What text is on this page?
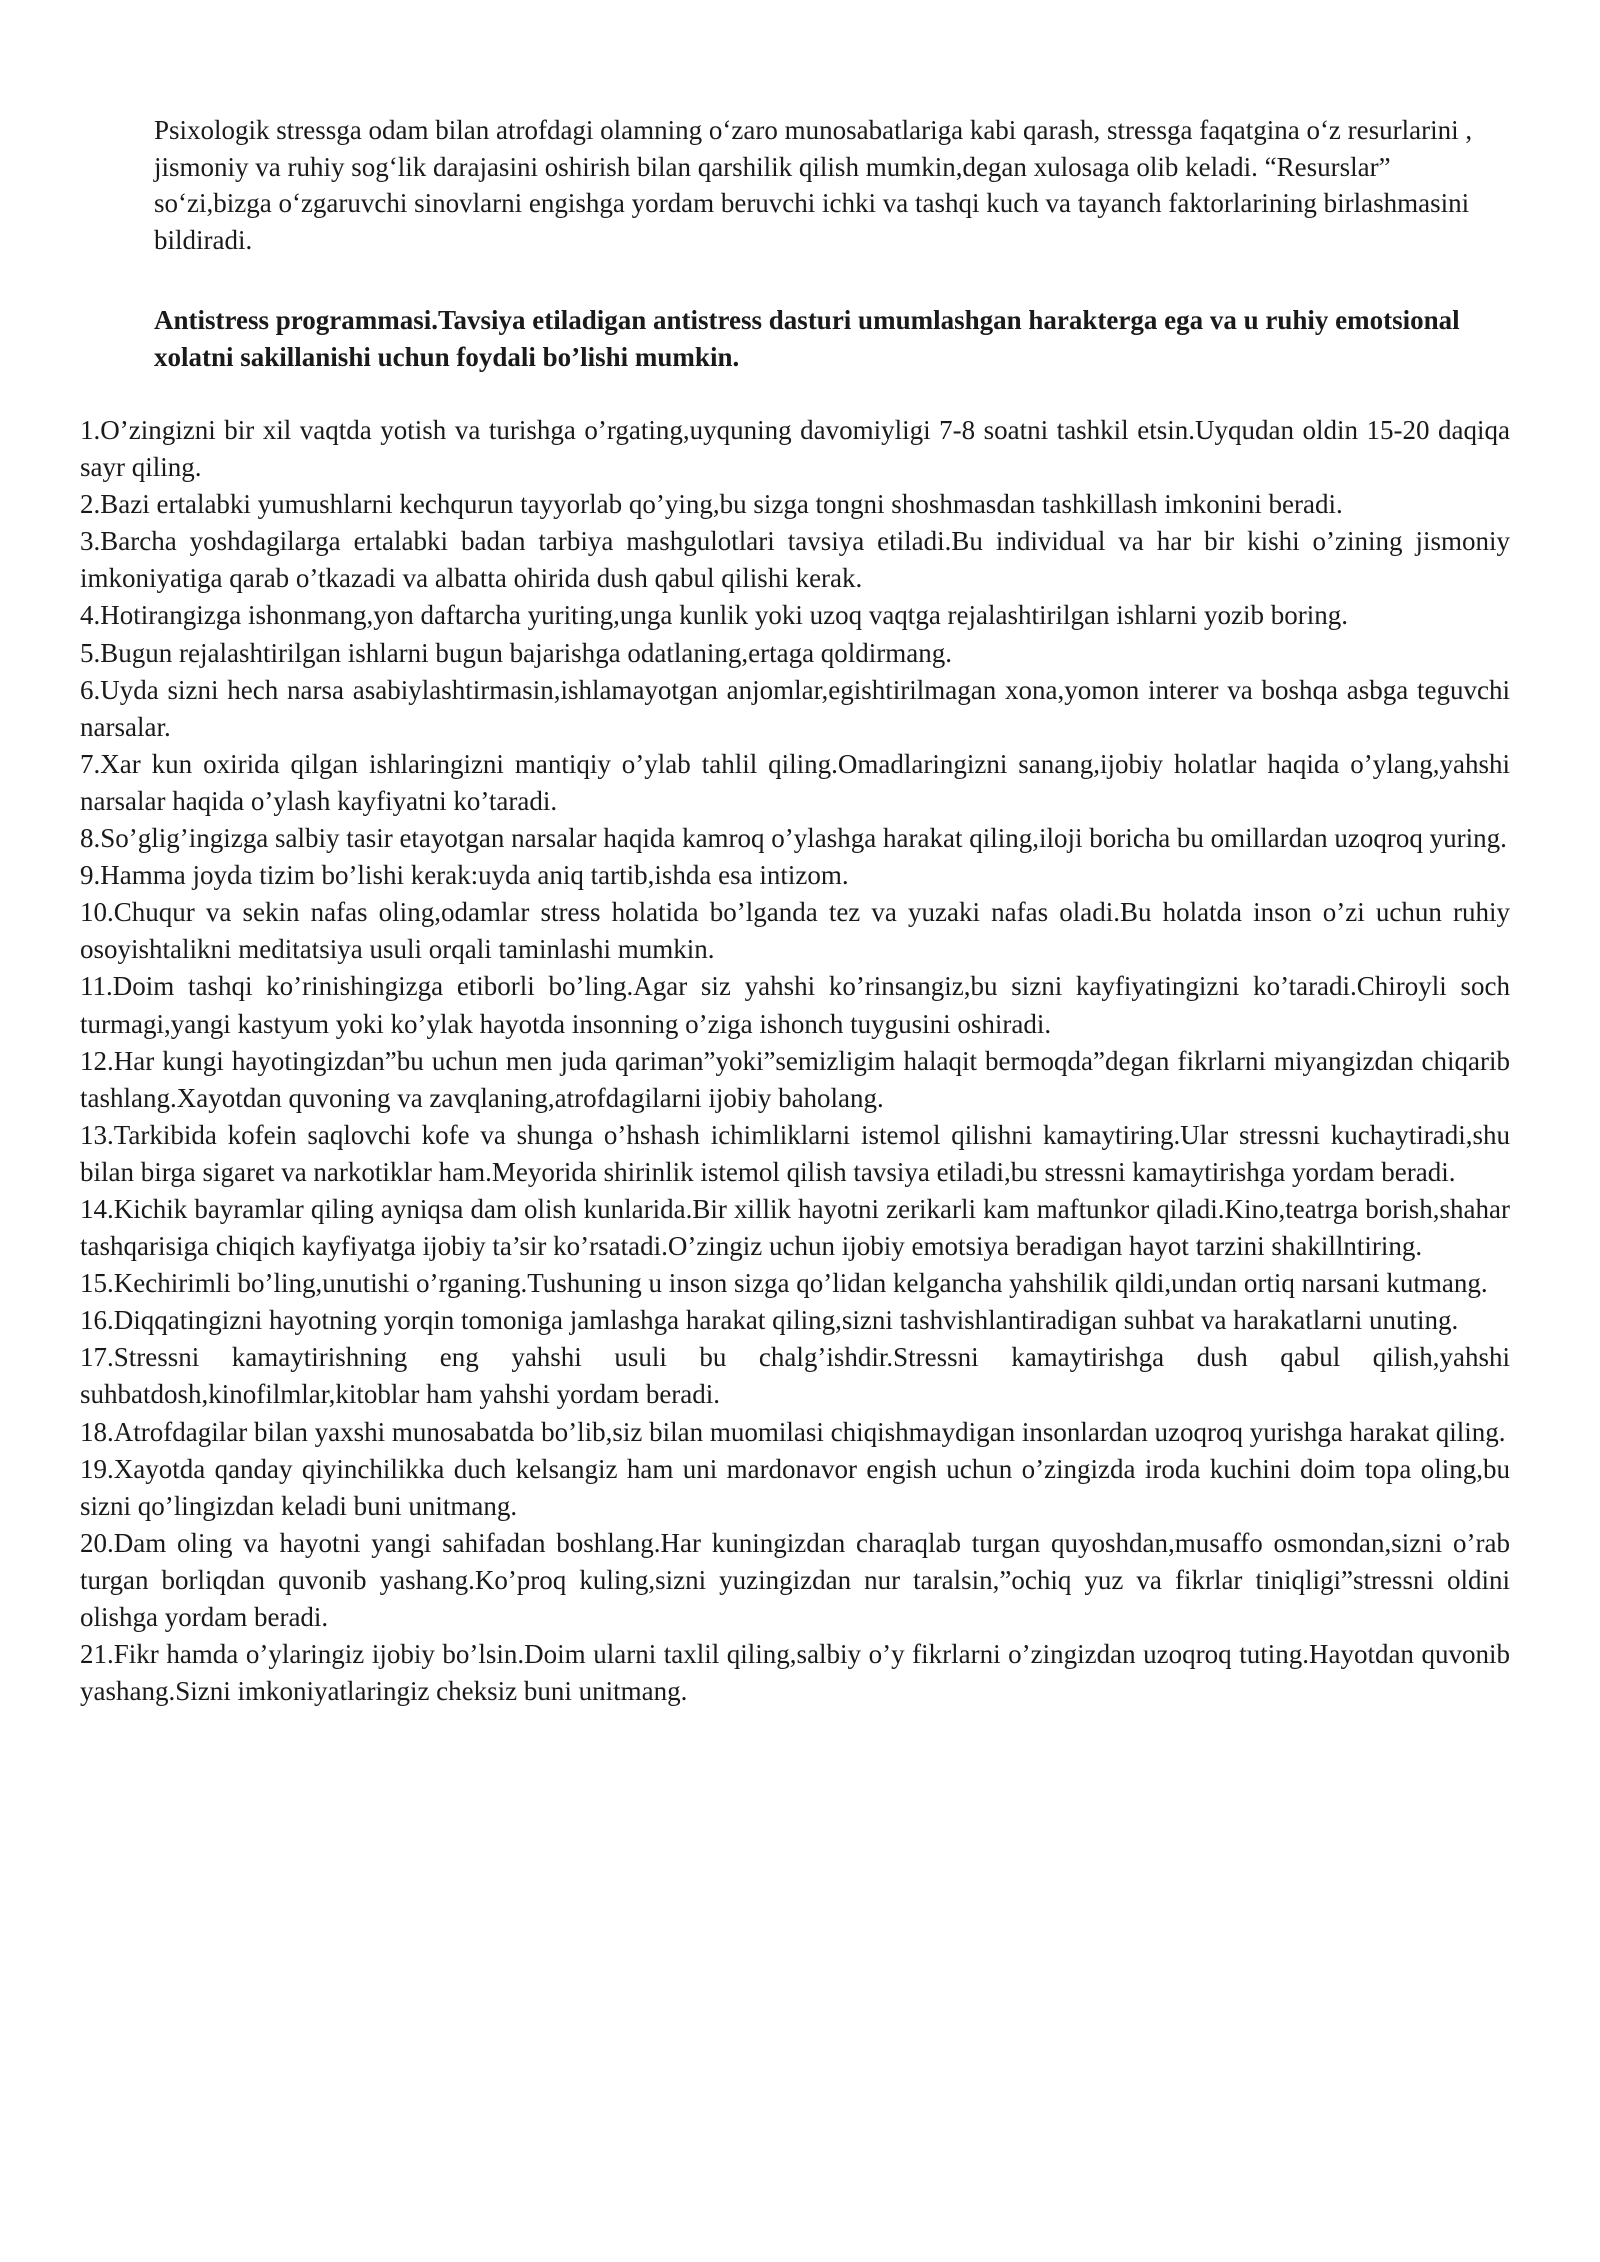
Psixologik stressga odam bilan atrofdagi olamning o‘zaro munosabatlariga kabi qarash, stressga faqatgina o‘z resurlarini , jismoniy va ruhiy sog‘lik darajasini oshirish bilan qarshilik qilish mumkin,degan xulosaga olib keladi. “Resurslar” so‘zi,bizga o‘zgaruvchi sinovlarni engishga yordam beruvchi ichki va tashqi kuch va tayanch faktorlarining birlashmasini bildiradi.

Antistress programmasi.Tavsiya etiladigan antistress dasturi umumlashgan harakterga ega va u ruhiy emotsional xolatni sakillanishi uchun foydali bo’lishi mumkin.

1.O’zingizni bir xil vaqtda yotish va turishga o’rgating,uyquning davomiyligi 7-8 soatni tashkil etsin.Uyqudan oldin 15-20 daqiqa sayr qiling.

2.Bazi ertalabki yumushlarni kechqurun tayyorlab qo’ying,bu sizga tongni shoshmasdan tashkillash imkonini beradi.

3.Barcha yoshdagilarga ertalabki badan tarbiya mashgulotlari tavsiya etiladi.Bu individual va har bir kishi o’zining jismoniy imkoniyatiga qarab o’tkazadi va albatta ohirida dush qabul qilishi kerak.

4.Hotirangizga ishonmang,yon daftarcha yuriting,unga kunlik yoki uzoq vaqtga rejalashtirilgan ishlarni yozib boring.

5.Bugun rejalashtirilgan ishlarni bugun bajarishga odatlaning,ertaga qoldirmang.

6.Uyda sizni hech narsa asabiylashtirmasin,ishlamayotgan anjomlar,egishtirilmagan xona,yomon interer va boshqa asbga teguvchi narsalar.

7.Xar kun oxirida qilgan ishlaringizni mantiqiy o’ylab tahlil qiling.Omadlaringizni sanang,ijobiy holatlar haqida o’ylang,yahshi narsalar haqida o’ylash kayfiyatni ko’taradi.

8.So’glig’ingizga salbiy tasir etayotgan narsalar haqida kamroq o’ylashga harakat qiling,iloji boricha bu omillardan uzoqroq yuring.

9.Hamma joyda tizim bo’lishi kerak:uyda aniq tartib,ishda esa intizom.

10.Chuqur va sekin nafas oling,odamlar stress holatida bo’lganda tez va yuzaki nafas oladi.Bu holatda inson o’zi uchun ruhiy osoyishtalikni meditatsiya usuli orqali taminlashi mumkin.

11.Doim tashqi ko’rinishingizga etiborli bo’ling.Agar siz yahshi ko’rinsangiz,bu sizni kayfiyatingizni ko’taradi.Chiroyli soch turmagi,yangi kastyum yoki ko’ylak hayotda insonning o’ziga ishonch tuygusini oshiradi.

12.Har kungi hayotingizdan”bu uchun men juda qariman”yoki”semizligim halaqit bermoqda”degan fikrlarni miyangizdan chiqarib tashlang.Xayotdan quvoning va zavqlaning,atrofdagilarni ijobiy baholang.

13.Tarkibida kofein saqlovchi kofe va shunga o’hshash ichimliklarni istemol qilishni kamaytiring.Ular stressni kuchaytiradi,shu bilan birga sigaret va narkotiklar ham.Meyorida shirinlik istemol qilish tavsiya etiladi,bu stressni kamaytirishga yordam beradi.

14.Kichik bayramlar qiling ayniqsa dam olish kunlarida.Bir xillik hayotni zerikarli kam maftunkor qiladi.Kino,teatrga borish,shahar tashqarisiga chiqich kayfiyatga ijobiy ta’sir ko’rsatadi.O’zingiz uchun ijobiy emotsiya beradigan hayot tarzini shakillntiring.

15.Kechirimli bo’ling,unutishi o’rganing.Tushuning u inson sizga qo’lidan kelgancha yahshilik qildi,undan ortiq narsani kutmang.

16.Diqqatingizni hayotning yorqin tomoniga jamlashga harakat qiling,sizni tashvishlantiradigan suhbat va harakatlarni unuting.

17.Stressni kamaytirishning eng yahshi usuli bu chalg’ishdir.Stressni kamaytirishga dush qabul qilish,yahshi suhbatdosh,kinofilmlar,kitoblar ham yahshi yordam beradi.

18.Atrofdagilar bilan yaxshi munosabatda bo’lib,siz bilan muomilasi chiqishmaydigan insonlardan uzoqroq yurishga harakat qiling.

19.Xayotda qanday qiyinchilikka duch kelsangiz ham uni mardonavor engish uchun o’zingizda iroda kuchini doim topa oling,bu sizni qo’lingizdan keladi buni unitmang.

20.Dam oling va hayotni yangi sahifadan boshlang.Har kuningizdan charaqlab turgan quyoshdan,musaffo osmondan,sizni o’rab turgan borliqdan quvonib yashang.Ko’proq kuling,sizni yuzingizdan nur taralsin,”ochiq yuz va fikrlar tiniqligi”stressni oldini olishga yordam beradi.

21.Fikr hamda o’ylaringiz ijobiy bo’lsin.Doim ularni taxlil qiling,salbiy o’y fikrlarni o’zingizdan uzoqroq tuting.Hayotdan quvonib yashang.Sizni imkoniyatlaringiz cheksiz buni unitmang.
